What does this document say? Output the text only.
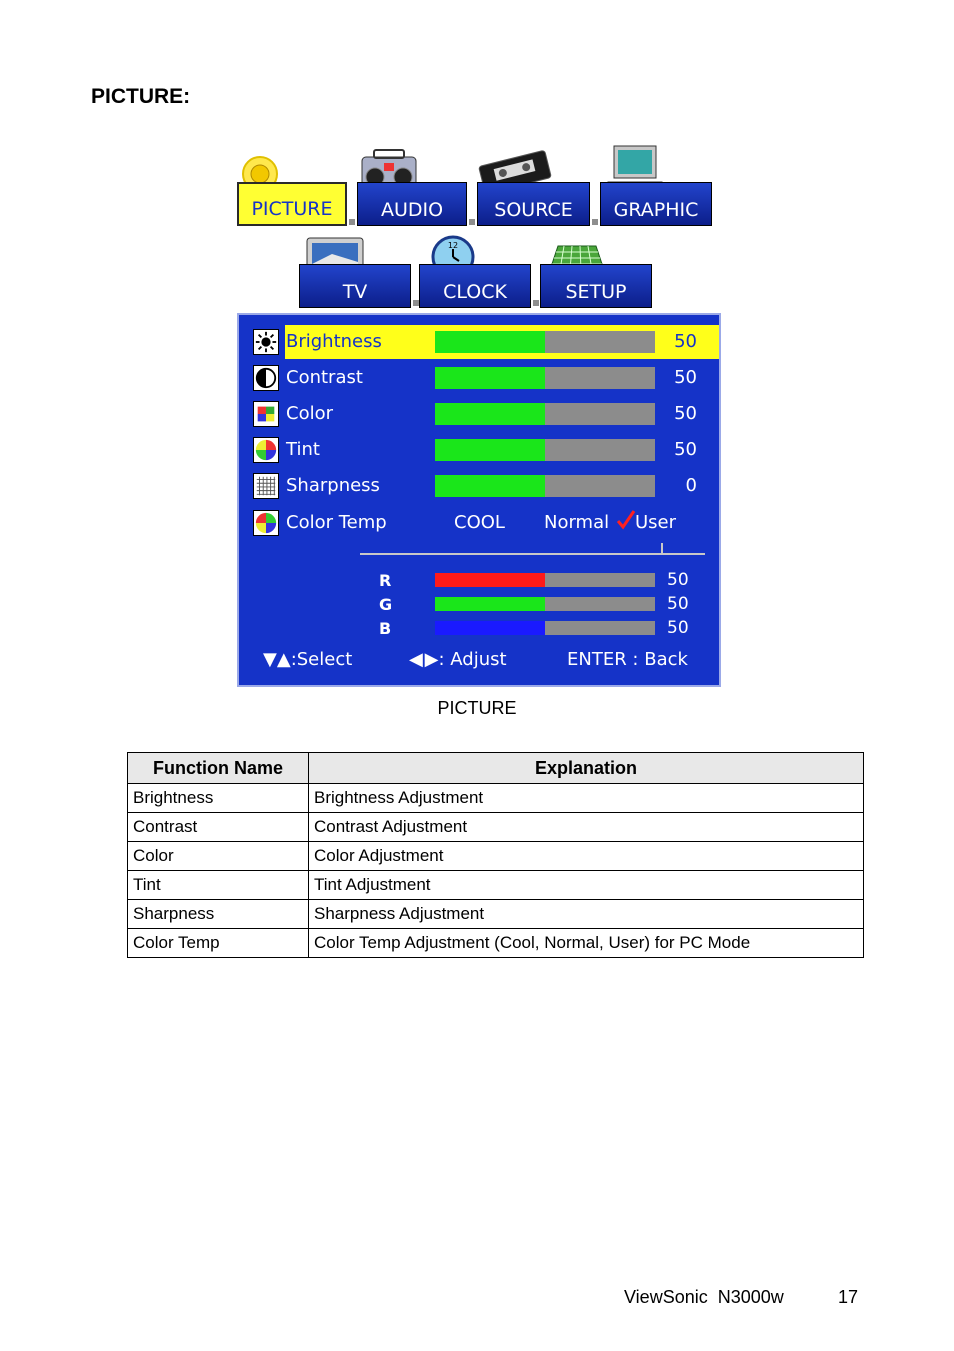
PICTURE:
PICTURE	AUDIO	SOURCE GRAPHIC
TV
12
CLOCK	SETUP
Brightness	50
Contrast	50
Color	50
Tint	50
Sharpness	0
Color Temp	COOL Normal User
R	50
G	50
B	50
▼▲:Select	◀ ▶: Adjust	ENTER : Back
PICTURE
Function Name	Explanation
Brightness	Brightness Adjustment
Contrast	Contrast Adjustment
Color	Color Adjustment
Tint	Tint Adjustment
Sharpness	Sharpness Adjustment
Color Temp	Color Temp Adjustment (Cool, Normal, User) for PC Mode
ViewSonic  N3000w	17
